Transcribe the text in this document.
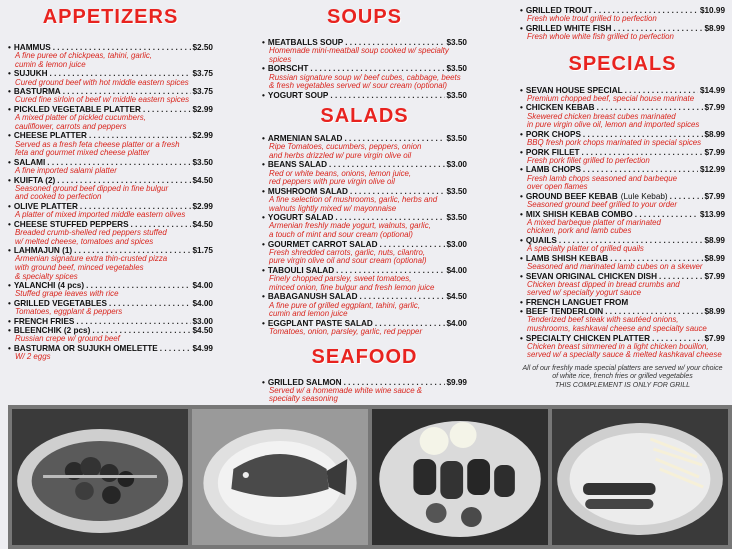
APPETIZERS
• HAMMUS . . .	$2.50
A fine puree of chickpeas, tahini, garlic,
cumin & lemon juice
• SUJUKH . . .	$3.75
Cured ground beef with hot middle eastern spices
• BASTURMA . . .	$3.75
Cured fine sirloin of beef w/ middle eastern spices
• PICKLED VEGETABLE PLATTER . . .	$2.99
A mixed platter of pickled cucumbers,
cauliflower, carrots and peppers
• CHEESE PLATTER . . .	$2.99
Served as a fresh feta cheese platter or a fresh
feta and gourmet mixed cheese platter
• SALAMI . . .	$3.50
A fine imported salami platter
• KUIFTA (2) . . .	$4.50
Seasoned ground beef dipped in fine bulgur
and cooked to perfection
• OLIVE PLATTER . . .	$2.99
A platter of mixed imported middle eastern olives
• CHEESE STUFFED PEPPERS . . .	$4.50
Breaded crumb-shelled red peppers stuffed
w/ melted cheese, tomatoes and spices
• LAHMAJUN (1) . . .	$1.75
Armenian signature extra thin-crusted pizza
with ground beef, minced vegetables
& specialty spices
• YALANCHI (4 pcs) . . .	$4.00
Stuffed grape leaves with rice
• GRILLED VEGETABLES . . .	$4.00
Tomatoes, eggplant & peppers
• FRENCH FRIES . . .	$3.00
• BLEENCHIK (2 pcs) . . .	$4.50
Russian crepe w/ ground beef
• BASTURMA OR SUJUKH OMELETTE . . .	$4.99
W/ 2 eggs
SOUPS
• MEATBALLS SOUP . . .	$3.50
Homemade mini-meatball soup cooked w/ specialty spices
• BORSCHT . . .	$3.50
Russian signature soup w/ beef cubes, cabbage, beets
& fresh vegetables served w/ sour cream (optional)
• YOGURT SOUP . . .	$3.50
SALADS
• ARMENIAN SALAD . . .	$3.50
Ripe Tomatoes, cucumbers, peppers, onion
and herbs drizzled w/ pure virgin olive oil
• BEANS SALAD . . .	$3.00
Red or white beans, onions, lemon juice,
red peppers with pure virgin olive oil
• MUSHROOM SALAD . . .	$3.50
A fine selection of mushrooms, garlic, herbs and
walnuts lightly mixed w/ mayonnaise
• YOGURT SALAD . . .	$3.50
Armenian freshly made yogurt, walnuts, garlic,
a touch of mint and sour cream (optional)
• GOURMET CARROT SALAD . . .	$3.00
Fresh shredded carrots, garlic, nuts, cilantro,
pure virgin olive oil and sour cream (optional)
• TABOULI SALAD . . .	$4.00
Finely chopped parsley, sweet tomatoes,
minced onion, fine bulgur and fresh lemon juice
• BABAGANUSH SALAD . . .	$4.50
A fine pure of grilled eggplant, tahini, garlic,
cumin and lemon juice
• EGGPLANT PASTE SALAD . . .	$4.00
Tomatoes, onion, parsley, garlic, red pepper
SEAFOOD
• GRILLED SALMON . . .	$9.99
Served w/ a homemade white wine sauce &
specialty seasoning
. . .
• GRILLED TROUT . . .	$10.99
Fresh whole trout grilled to perfection
• GRILLED WHITE FISH . . .	$8.99
Fresh whole white fish grilled to perfection
SPECIALS
• SEVAN HOUSE SPECIAL . . .	$14.99
Premium chopped beef, special house marinate
• CHICKEN KEBAB . . .	$7.99
Skewered chicken breast cubes marinated
in pure virgin olive oil, lemon and imported spices
• PORK CHOPS . . .	$8.99
BBQ fresh pork chops marinated in special spices
• PORK FILLET . . .	$7.99
Fresh pork fillet grilled to perfection
• LAMB CHOPS . . .	$12.99
Fresh lamb chops seasoned and barbeque
over open flames
• GROUND BEEF KEBAB (Lule Kebab) . . .	$7.99
Seasoned ground beef grilled to your order
• MIX SHISH KEBAB COMBO . . .	$13.99
A mixed barbeque platter of marinated
chicken, pork and lamb cubes
• QUAILS . . .	$8.99
A specialty platter of grilled quails
• LAMB SHISH KEBAB . . .	$8.99
Seasoned and marinated lamb cubes on a skewer
• SEVAN ORIGINAL CHICKEN DISH . . .	$7.99
Chicken breast dipped in bread crumbs and
served w/ specialty yogurt sauce
• FRENCH LANGUET FROM
• BEEF TENDERLOIN . . .	$8.99
Tenderized beef steak with sautéed onions,
mushrooms, kashkaval cheese and specialty sauce
• SPECIALTY CHICKEN PLATTER . . .	$7.99
Chicken breast simmered in a light chicken bouillon,
served w/ a specialty sauce & melted kashkaval cheese
All of our freshly made special platters are served w/ your choice
of white rice, french fries or grilled vegetables
THIS COMPLEMENT IS ONLY FOR GRILL
